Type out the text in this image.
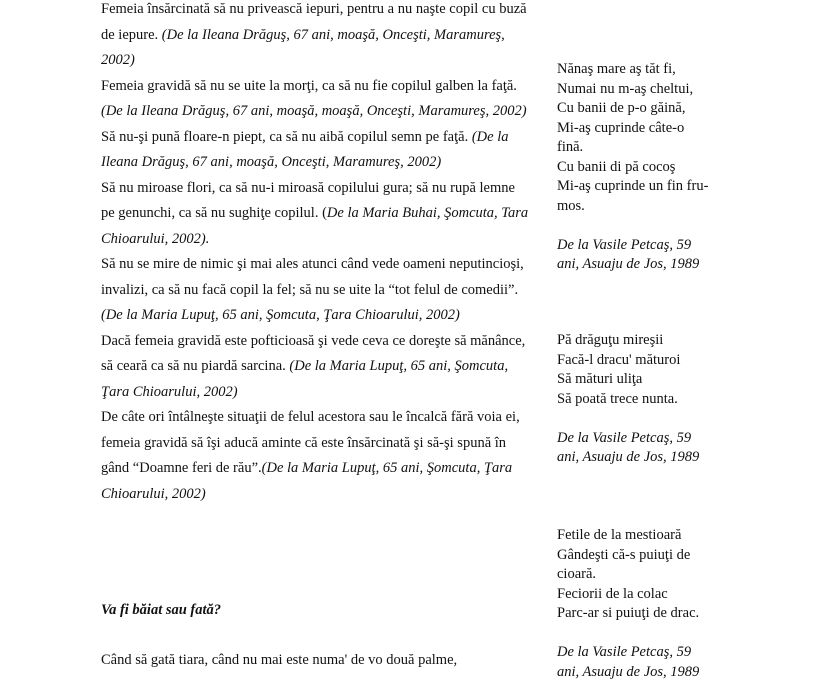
Femeia însărcinată să nu privească iepuri, pentru a nu naşte copil cu buză de iepure. (De la Ileana Drăguş, 67 ani, moaşă, Onceşti, Maramureş, 2002)

Femeia gravidă să nu se uite la morţi, ca să nu fie copilul galben la faţă. (De la Ileana Drăguş, 67 ani, moaşă, moaşă, Onceşti, Maramureş, 2002)

Să nu-şi pună floare-n piept, ca să nu aibă copilul semn pe faţă. (De la Ileana Drăguş, 67 ani, moaşă, Onceşti, Maramureş, 2002)

Să nu miroase flori, ca să nu-i miroasă copilului gura; să nu rupă lemne pe genunchi, ca să nu sughiţe copilul. (De la Maria Buhai, Şomcuta, Tara Chioarului, 2002).

Să nu se mire de nimic şi mai ales atunci când vede oameni neputincioşi, invalizi, ca să nu facă copil la fel; să nu se uite la “tot felul de comedii”. (De la Maria Lupuţ, 65 ani, Şomcuta, Ţara Chioarului, 2002)

Dacă femeia gravidă este pofticioasă şi vede ceva ce doreşte să mănânce, să ceară ca să nu piardă sarcina. (De la Maria Lupuţ, 65 ani, Şomcuta, Ţara Chioarului, 2002)

De câte ori întâlneşte situaţii de felul acestora sau le încalcă fără voia ei, femeia gravidă să îşi aducă aminte că este însărcinată şi să-şi spună în gând “Doamne feri de rău”.(De la Maria Lupuţ, 65 ani, Şomcuta, Ţara Chioarului, 2002)

Va fi băiat sau fată?
Când să gată tiara, când nu mai este numa' de vo două palme,
Nănaş mare aş tăt fi,
Numai nu m-aş cheltui,
Cu banii de p-o găină,
Mi-aş cuprinde câte-o
fină.
Cu banii di pă cocoş
Mi-aş cuprinde un fin fru-
mos.
De la Vasile Petcaş, 59
ani, Asuaju de Jos, 1989
Pă drăguţu mireşii
Facă-l dracu' măturoi
Să mături uliţa
Să poată trece nunta.
De la Vasile Petcaş, 59
ani, Asuaju de Jos, 1989
Fetile de la mestioară
Gândeşti că-s puiuţi de
cioară.
Feciorii de la colac
Parc-ar si puiuţi de drac.
De la Vasile Petcaş, 59
ani, Asuaju de Jos, 1989
